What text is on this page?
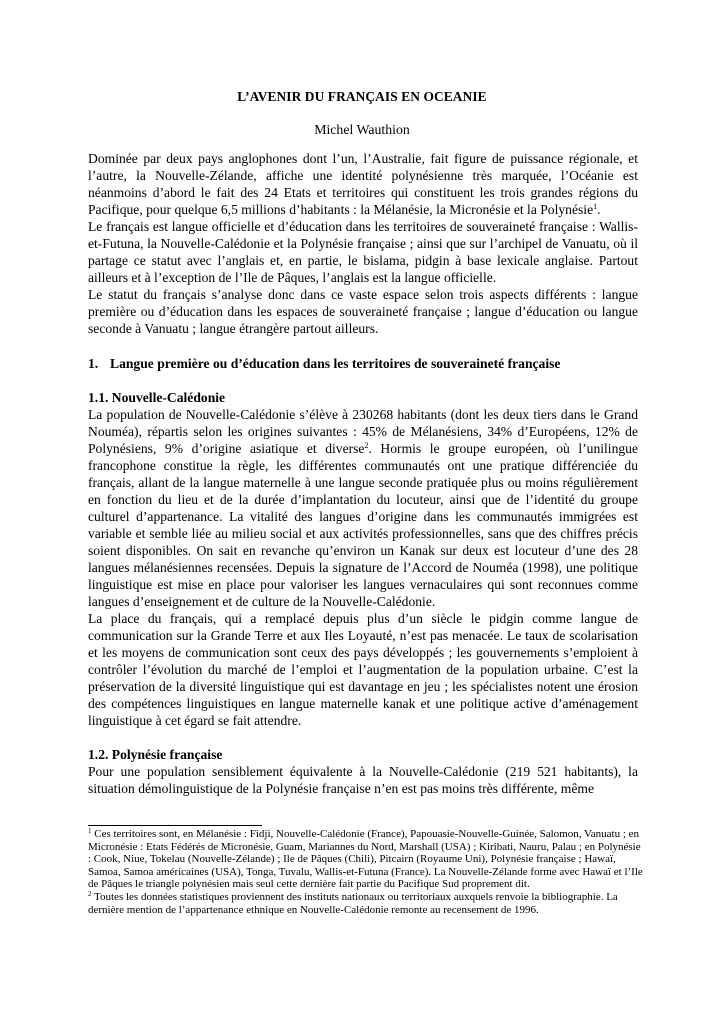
L’AVENIR DU FRANÇAIS EN OCEANIE
Michel Wauthion

Dominée par deux pays anglophones dont l’un, l’Australie, fait figure de puissance régionale, et l’autre, la Nouvelle-Zélande, affiche une identité polynésienne très marquée, l’Océanie est néanmoins d’abord le fait des 24 Etats et territoires qui constituent les trois grandes régions du Pacifique, pour quelque 6,5 millions d’habitants : la Mélanésie, la Micronésie et la Polynésie$^1$.

Le français est langue officielle et d’éducation dans les territoires de souveraineté française : Wallis-et-Futuna, la Nouvelle-Calédonie et la Polynésie française ; ainsi que sur l’archipel de Vanuatu, où il partage ce statut avec l’anglais et, en partie, le bislama, pidgin à base lexicale anglaise. Partout ailleurs et à l’exception de l’Ile de Pâques, l’anglais est la langue officielle.

Le statut du français s’analyse donc dans ce vaste espace selon trois aspects différents : langue première ou d’éducation dans les espaces de souveraineté française ; langue d’éducation ou langue seconde à Vanuatu ; langue étrangère partout ailleurs.

1. Langue première ou d’éducation dans les territoires de souveraineté française

1.1. Nouvelle-Calédonie

La population de Nouvelle-Calédonie s’élève à 230268 habitants (dont les deux tiers dans le Grand Nouméa), répartis selon les origines suivantes : 45% de Mélanésiens, 34% d’Européens, 12% de Polynésiens, 9% d’origine asiatique et diverse$^2$. Hormis le groupe européen, où l’unilingue francophone constitue la règle, les différentes communautés ont une pratique différenciée du français, allant de la langue maternelle à une langue seconde pratiquée plus ou moins régulièrement en fonction du lieu et de la durée d’implantation du locuteur, ainsi que de l’identité du groupe culturel d’appartenance. La vitalité des langues d’origine dans les communautés immigrées est variable et semble liée au milieu social et aux activités professionnelles, sans que des chiffres précis soient disponibles. On sait en revanche qu’environ un Kanak sur deux est locuteur d’une des 28 langues mélanésiennes recensées. Depuis la signature de l’Accord de Nouméa (1998), une politique linguistique est mise en place pour valoriser les langues vernaculaires qui sont reconnues comme langues d’enseignement et de culture de la Nouvelle-Calédonie.

La place du français, qui a remplacé depuis plus d’un siècle le pidgin comme langue de communication sur la Grande Terre et aux Iles Loyauté, n’est pas menacée. Le taux de scolarisation et les moyens de communication sont ceux des pays développés ; les gouvernements s’emploient à contrôler l’évolution du marché de l’emploi et l’augmentation de la population urbaine. C’est la préservation de la diversité linguistique qui est davantage en jeu ; les spécialistes notent une érosion des compétences linguistiques en langue maternelle kanak et une politique active d’aménagement linguistique à cet égard se fait attendre.

1.2. Polynésie française

Pour une population sensiblement équivalente à la Nouvelle-Calédonie (219 521 habitants), la situation démolinguistique de la Polynésie française n’en est pas moins très différente, même

$^1$ Ces territoires sont, en Mélanésie : Fidji, Nouvelle-Calédonie (France), Papouasie-Nouvelle-Guinée, Salomon, Vanuatu ; en Micronésie : Etats Fédérés de Micronésie, Guam, Mariannes du Nord, Marshall (USA) ; Kiribati, Nauru, Palau ; en Polynésie : Cook, Niue, Tokelau (Nouvelle-Zélande) ; Ile de Pâques (Chili), Pitcairn (Royaume Uni), Polynésie française ; Hawaï, Samoa, Samoa américaines (USA), Tonga, Tuvalu, Wallis-et-Futuna (France). La Nouvelle-Zélande forme avec Hawaï et l’Ile de Pâques le triangle polynésien mais seul cette dernière fait partie du Pacifique Sud proprement dit.

$^2$ Toutes les données statistiques proviennent des instituts nationaux ou territoriaux auxquels renvoie la bibliographie. La dernière mention de l’appartenance ethnique en Nouvelle-Calédonie remonte au recensement de 1996.
